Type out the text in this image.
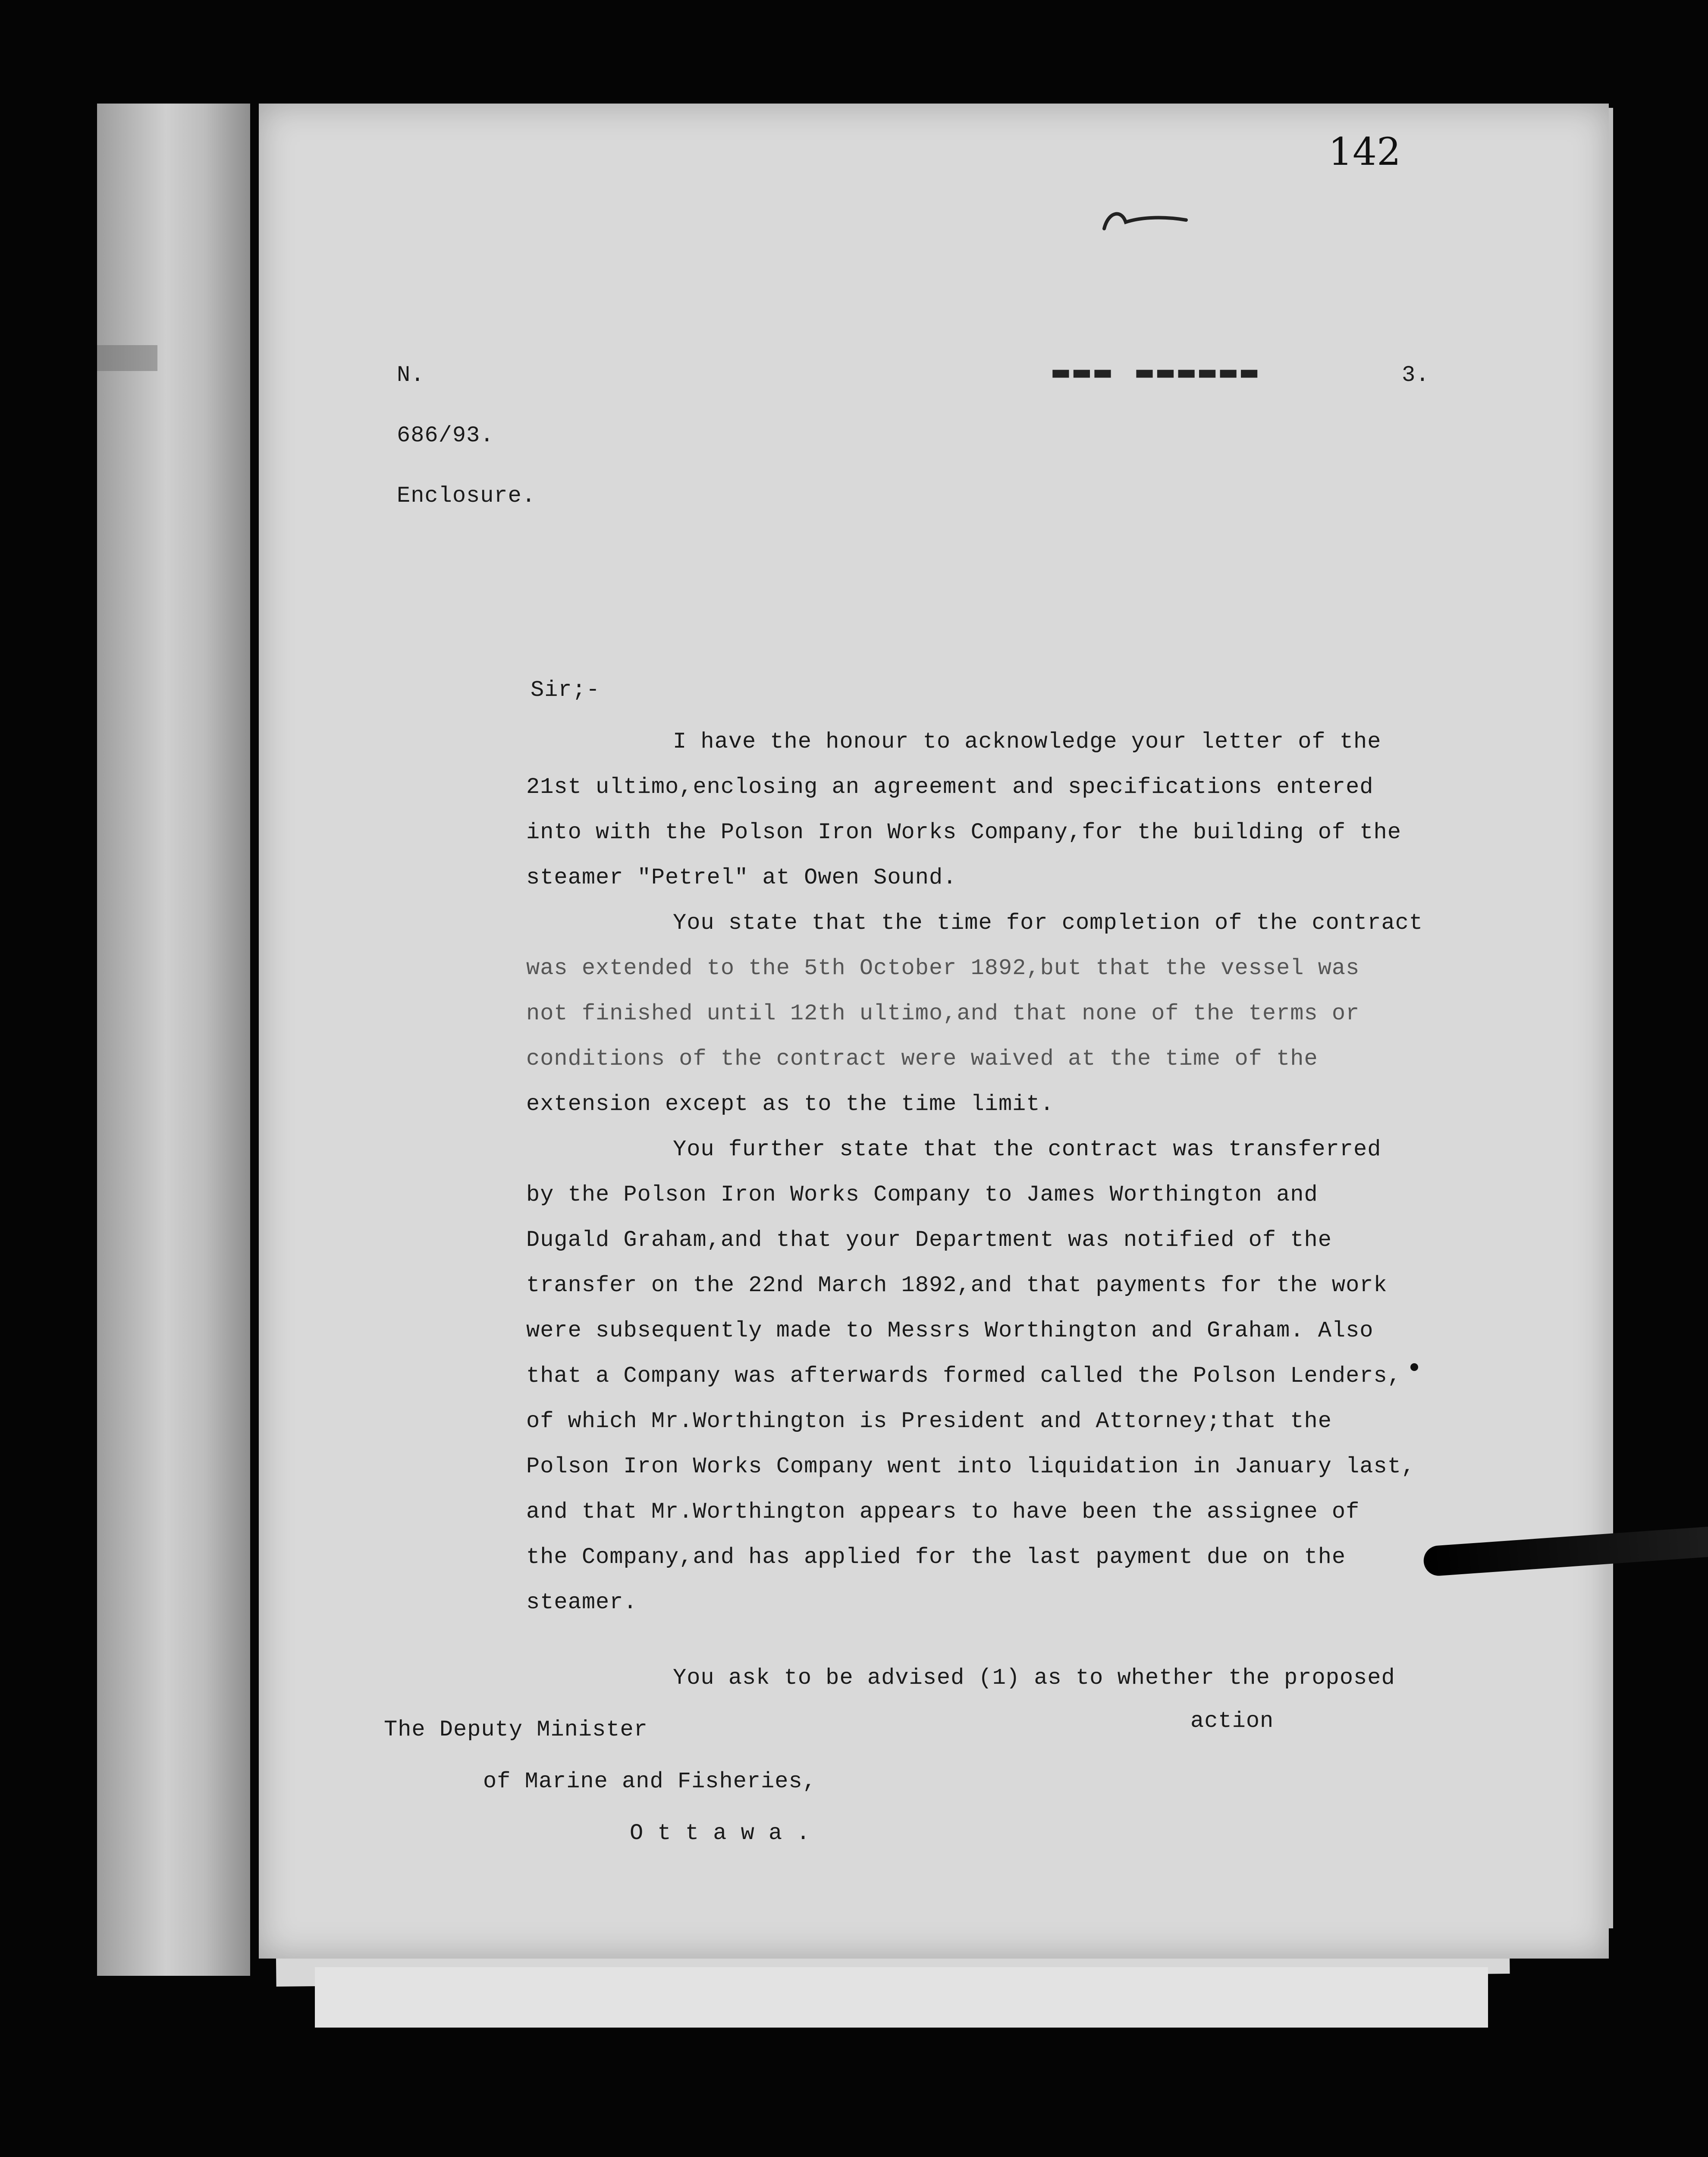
142
N.	▬▬▬ ▬▬▬▬▬▬	3.
686/93.
Enclosure.
Sir;-
I have the honour to acknowledge your letter of the
21st ultimo,enclosing an agreement and specifications entered
into with the Polson Iron Works Company,for the building of the
steamer "Petrel" at Owen Sound.
You state that the time for completion of the contract
was extended to the 5th October 1892,but that the vessel was
not finished until 12th ultimo,and that none of the terms or
conditions of the contract were waived at the time of the
extension except as to the time limit.
You further state that the contract was transferred
by the Polson Iron Works Company to James Worthington and
Dugald Graham,and that your Department was notified of the
transfer on the 22nd March 1892,and that payments for the work
were subsequently made to Messrs Worthington and Graham. Also
that a Company was afterwards formed called the Polson Lenders,
of which Mr.Worthington is President and Attorney;that the
Polson Iron Works Company went into liquidation in January last,
and that Mr.Worthington appears to have been the assignee of
the Company,and has applied for the last payment due on the
steamer.
You ask to be advised (1) as to whether the proposed
action
The Deputy Minister
of Marine and Fisheries,
O t t a w a .
